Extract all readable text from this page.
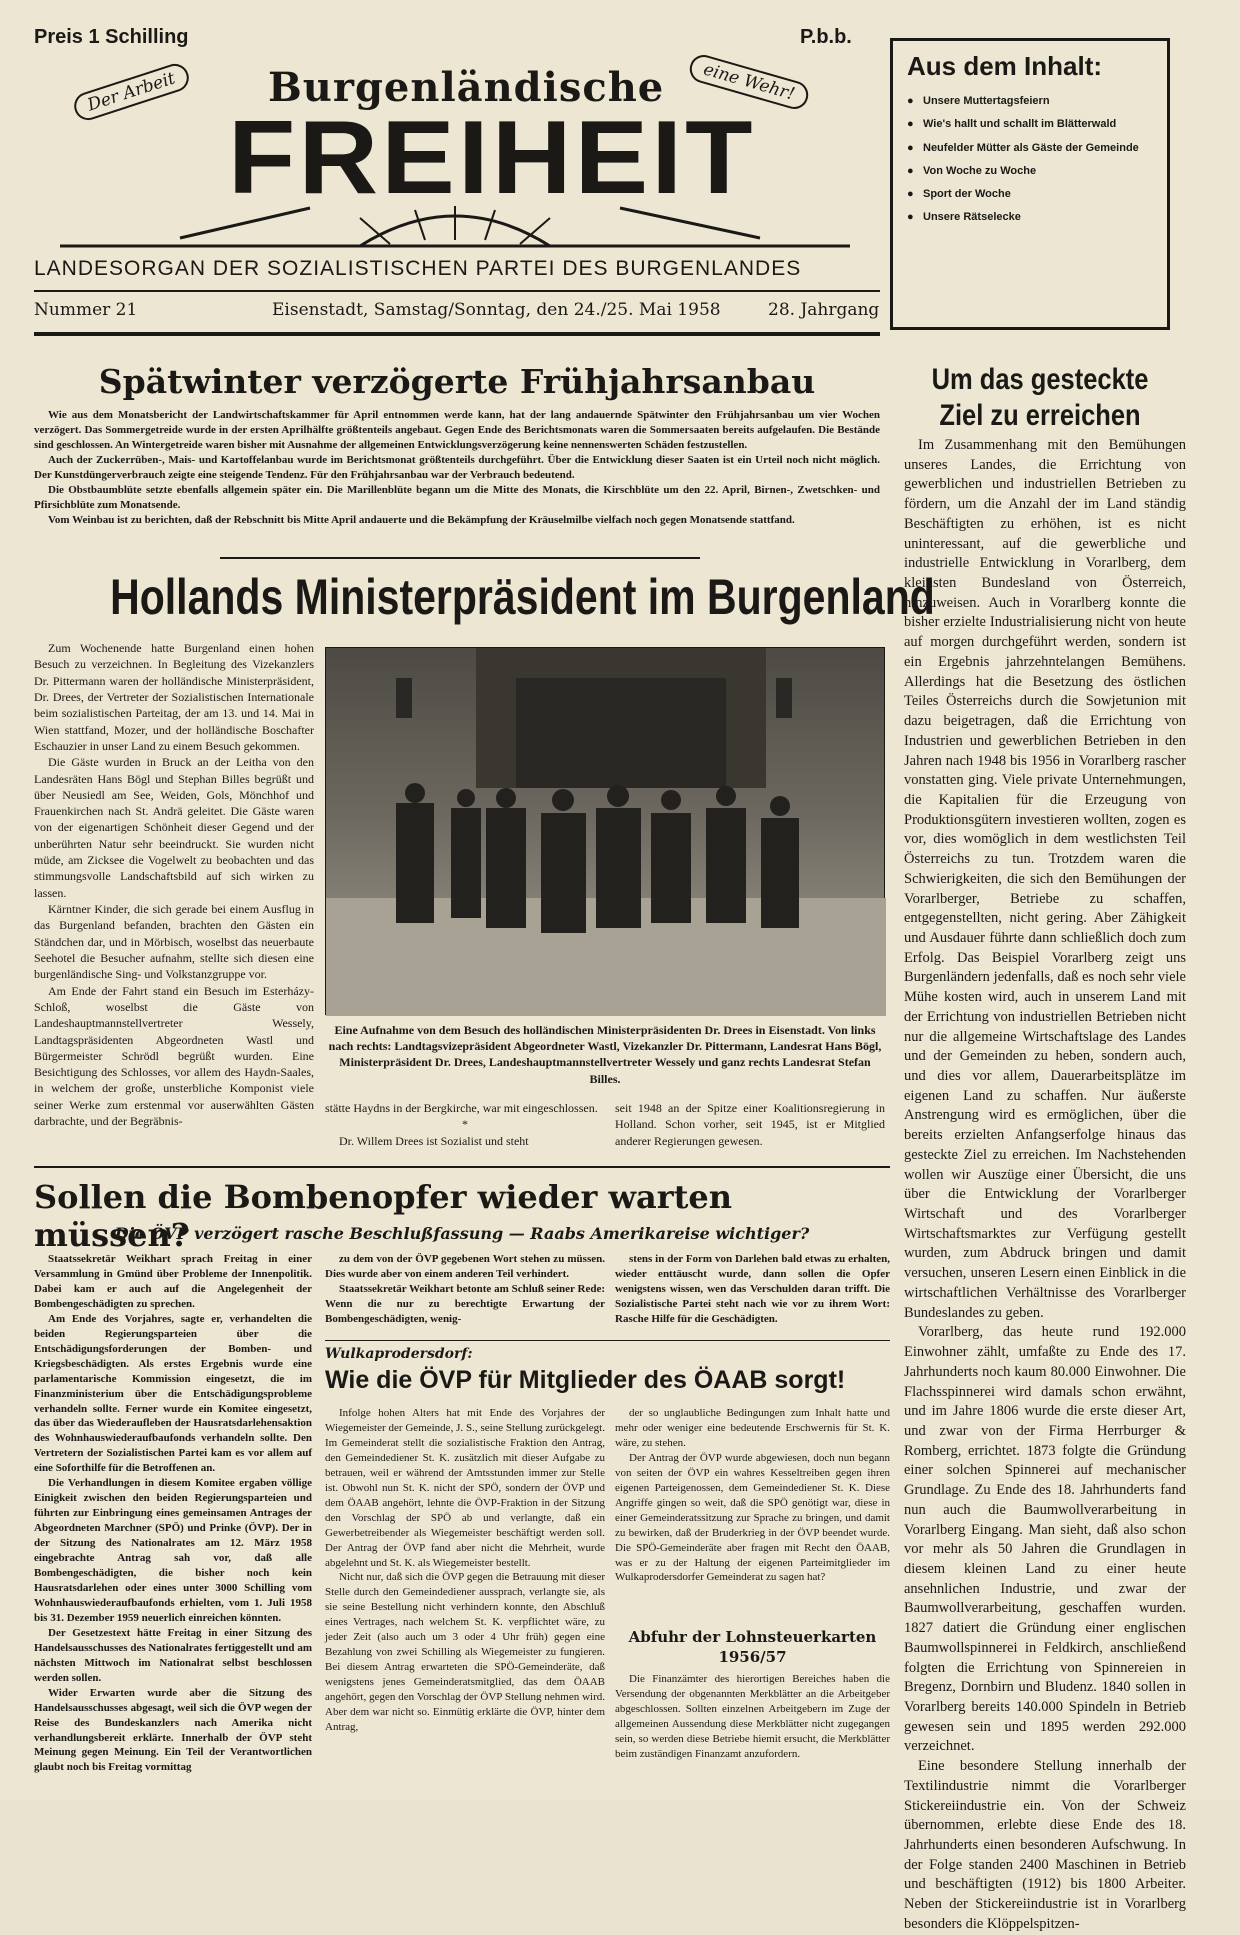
Preis 1 Schilling	P.b.b.
Der Arbeit	eine Wehr!
Burgenländische
FREIHEIT
LANDESORGAN DER SOZIALISTISCHEN PARTEI DES BURGENLANDES
Nummer 21	Eisenstadt, Samstag/Sonntag, den 24./25. Mai 1958	28. Jahrgang
Aus dem Inhalt:
● Unsere Muttertagsfeiern
● Wie's hallt und schallt im Blätterwald
● Neufelder Mütter als Gäste der Gemeinde
● Von Woche zu Woche
● Sport der Woche
● Unsere Rätselecke
Spätwinter verzögerte Frühjahrsanbau

Wie aus dem Monatsbericht der Landwirtschaftskammer für April entnommen werde kann, hat der lang andauernde Spätwinter den Frühjahrsanbau um vier Wochen verzögert. Das Sommergetreide wurde in der ersten Aprilhälfte größtenteils angebaut. Gegen Ende des Berichtsmonats waren die Sommersaaten bereits aufgelaufen. Die Bestände sind geschlossen. An Wintergetreide waren bisher mit Ausnahme der allgemeinen Entwicklungsverzögerung keine nennenswerten Schäden festzustellen.

Auch der Zuckerrüben-, Mais- und Kartoffelanbau wurde im Berichtsmonat größtenteils durchgeführt. Über die Entwicklung dieser Saaten ist ein Urteil noch nicht möglich. Der Kunstdüngerverbrauch zeigte eine steigende Tendenz. Für den Frühjahrsanbau war der Verbrauch bedeutend.

Die Obstbaumblüte setzte ebenfalls allgemein später ein. Die Marillenblüte begann um die Mitte des Monats, die Kirschblüte um den 22. April, Birnen-, Zwetschken- und Pfirsichblüte zum Monatsende.

Vom Weinbau ist zu berichten, daß der Rebschnitt bis Mitte April andauerte und die Bekämpfung der Kräuselmilbe vielfach noch gegen Monatsende stattfand.

Hollands Ministerpräsident im Burgenland

Zum Wochenende hatte Burgenland einen hohen Besuch zu verzeichnen. In Begleitung des Vizekanzlers Dr. Pittermann waren der holländische Ministerpräsident, Dr. Drees, der Vertreter der Sozialistischen Internationale beim sozialistischen Parteitag, der am 13. und 14. Mai in Wien stattfand, Mozer, und der holländische Boschafter Eschauzier in unser Land zu einem Besuch gekommen.

Die Gäste wurden in Bruck an der Leitha von den Landesräten Hans Bögl und Stephan Billes begrüßt und über Neusiedl am See, Weiden, Gols, Mönchhof und Frauenkirchen nach St. Andrä geleitet. Die Gäste waren von der eigenartigen Schönheit dieser Gegend und der unberührten Natur sehr beeindruckt. Sie wurden nicht müde, am Zicksee die Vogelwelt zu beobachten und das stimmungsvolle Landschaftsbild auf sich wirken zu lassen.

Kärntner Kinder, die sich gerade bei einem Ausflug in das Burgenland befanden, brachten den Gästen ein Ständchen dar, und in Mörbisch, woselbst das neuerbaute Seehotel die Besucher aufnahm, stellte sich diesen eine burgenländische Sing- und Volkstanzgruppe vor.

Am Ende der Fahrt stand ein Besuch im Esterházy-Schloß, woselbst die Gäste von Landeshauptmannstellvertreter Wessely, Landtagspräsidenten Abgeordneten Wastl und Bürgermeister Schrödl begrüßt wurden. Eine Besichtigung des Schlosses, vor allem des Haydn-Saales, in welchem der große, unsterbliche Komponist viele seiner Werke zum erstenmal vor auserwählten Gästen darbrachte, und der Begräbnis-

Eine Aufnahme von dem Besuch des holländischen Ministerpräsidenten Dr. Drees in Eisenstadt. Von links nach rechts: Landtagsvizepräsident Abgeordneter Wastl, Vizekanzler Dr. Pittermann, Landesrat Hans Bögl, Ministerpräsident Dr. Drees, Landeshauptmannstellvertreter Wessely und ganz rechts Landesrat Stefan Billes.
stätte Haydns in der Bergkirche, war mit eingeschlossen.
*

Dr. Willem Drees ist Sozialist und steht

seit 1948 an der Spitze einer Koalitionsregierung in Holland. Schon vorher, seit 1945, ist er Mitglied anderer Regierungen gewesen.
Um das gesteckte Ziel zu erreichen

Im Zusammenhang mit den Bemühungen unseres Landes, die Errichtung von gewerblichen und industriellen Betrieben zu fördern, um die Anzahl der im Land ständig Beschäftigten zu erhöhen, ist es nicht uninteressant, auf die gewerbliche und industrielle Entwicklung in Vorarlberg, dem kleinsten Bundesland von Österreich, hinzuweisen. Auch in Vorarlberg konnte die bisher erzielte Industrialisierung nicht von heute auf morgen durchgeführt werden, sondern ist ein Ergebnis jahrzehntelangen Bemühens. Allerdings hat die Besetzung des östlichen Teiles Österreichs durch die Sowjetunion mit dazu beigetragen, daß die Errichtung von Industrien und gewerblichen Betrieben in den Jahren nach 1948 bis 1956 in Vorarlberg rascher vonstatten ging. Viele private Unternehmungen, die Kapitalien für die Erzeugung von Produktionsgütern investieren wollten, zogen es vor, dies womöglich in dem westlichsten Teil Österreichs zu tun. Trotzdem waren die Schwierigkeiten, die sich den Bemühungen der Vorarlberger, Betriebe zu schaffen, entgegenstellten, nicht gering. Aber Zähigkeit und Ausdauer führte dann schließlich doch zum Erfolg. Das Beispiel Vorarlberg zeigt uns Burgenländern jedenfalls, daß es noch sehr viele Mühe kosten wird, auch in unserem Land mit der Errichtung von industriellen Betrieben nicht nur die allgemeine Wirtschaftslage des Landes und der Gemeinden zu heben, sondern auch, und dies vor allem, Dauerarbeitsplätze im eigenen Land zu schaffen. Nur äußerste Anstrengung wird es ermöglichen, über die bereits erzielten Anfangserfolge hinaus das gesteckte Ziel zu erreichen. Im Nachstehenden wollen wir Auszüge einer Übersicht, die uns über die Entwicklung der Vorarlberger Wirtschaft und des Vorarlberger Wirtschaftsmarktes zur Verfügung gestellt wurden, zum Abdruck bringen und damit versuchen, unseren Lesern einen Einblick in die wirtschaftlichen Verhältnisse des Vorarlberger Bundeslandes zu geben.

Vorarlberg, das heute rund 192.000 Einwohner zählt, umfaßte zu Ende des 17. Jahrhunderts noch kaum 80.000 Einwohner. Die Flachsspinnerei wird damals schon erwähnt, und im Jahre 1806 wurde die erste dieser Art, und zwar von der Firma Herrburger & Romberg, errichtet. 1873 folgte die Gründung einer solchen Spinnerei auf mechanischer Grundlage. Zu Ende des 18. Jahrhunderts fand nun auch die Baumwollverarbeitung in Vorarlberg Eingang. Man sieht, daß also schon vor mehr als 50 Jahren die Grundlagen in diesem kleinen Land zu einer heute ansehnlichen Industrie, und zwar der Baumwollverarbeitung, geschaffen wurden. 1827 datiert die Gründung einer englischen Baumwollspinnerei in Feldkirch, anschließend folgten die Errichtung von Spinnereien in Bregenz, Dornbirn und Bludenz. 1840 sollen in Vorarlberg bereits 140.000 Spindeln in Betrieb gewesen sein und 1895 werden 292.000 verzeichnet.

Eine besondere Stellung innerhalb der Textilindustrie nimmt die Vorarlberger Stickereiindustrie ein. Von der Schweiz übernommen, erlebte diese Ende des 18. Jahrhunderts einen besonderen Aufschwung. In der Folge standen 2400 Maschinen in Betrieb und beschäftigten (1912) bis 1800 Arbeiter. Neben der Stickereiindustrie ist in Vorarlberg besonders die Klöppelspitzen-

Sollen die Bombenopfer wieder warten müssen?
Die ÖVP verzögert rasche Beschlußfassung — Raabs Amerikareise wichtiger?

Staatssekretär Weikhart sprach Freitag in einer Versammlung in Gmünd über Probleme der Innenpolitik. Dabei kam er auch auf die Angelegenheit der Bombengeschädigten zu sprechen.

Am Ende des Vorjahres, sagte er, verhandelten die beiden Regierungsparteien über die Entschädigungsforderungen der Bomben- und Kriegsbeschädigten. Als erstes Ergebnis wurde eine parlamentarische Kommission eingesetzt, die im Finanzministerium über die Entschädigungsprobleme verhandeln sollte. Ferner wurde ein Komitee eingesetzt, das über das Wiederaufleben der Hausratsdarlehensaktion des Wohnhauswiederaufbaufonds verhandeln sollte. Den Vertretern der Sozialistischen Partei kam es vor allem auf eine Soforthilfe für die Betroffenen an.

Die Verhandlungen in diesem Komitee ergaben völlige Einigkeit zwischen den beiden Regierungsparteien und führten zur Einbringung eines gemeinsamen Antrages der Abgeordneten Marchner (SPÖ) und Prinke (ÖVP). Der in der Sitzung des Nationalrates am 12. März 1958 eingebrachte Antrag sah vor, daß alle Bombengeschädigten, die bisher noch kein Hausratsdarlehen oder eines unter 3000 Schilling vom Wohnhauswiederaufbaufonds erhielten, vom 1. Juli 1958 bis 31. Dezember 1959 neuerlich einreichen könnten.

Der Gesetzestext hätte Freitag in einer Sitzung des Handelsausschusses des Nationalrates fertiggestellt und am nächsten Mittwoch im Nationalrat selbst beschlossen werden sollen.

Wider Erwarten wurde aber die Sitzung des Handelsausschusses abgesagt, weil sich die ÖVP wegen der Reise des Bundeskanzlers nach Amerika nicht verhandlungsbereit erklärte. Innerhalb der ÖVP steht Meinung gegen Meinung. Ein Teil der Verantwortlichen glaubt noch bis Freitag vormittag

zu dem von der ÖVP gegebenen Wort stehen zu müssen. Dies wurde aber von einem anderen Teil verhindert.

Staatssekretär Weikhart betonte am Schluß seiner Rede: Wenn die nur zu berechtigte Erwartung der Bombengeschädigten, wenig-

stens in der Form von Darlehen bald etwas zu erhalten, wieder enttäuscht wurde, dann sollen die Opfer wenigstens wissen, wen das Verschulden daran trifft. Die Sozialistische Partei steht nach wie vor zu ihrem Wort: Rasche Hilfe für die Geschädigten.

Wulkaprodersdorf:
Wie die ÖVP für Mitglieder des ÖAAB sorgt!

Infolge hohen Alters hat mit Ende des Vorjahres der Wiegemeister der Gemeinde, J. S., seine Stellung zurückgelegt. Im Gemeinderat stellt die sozialistische Fraktion den Antrag, den Gemeindediener St. K. zusätzlich mit dieser Aufgabe zu betrauen, weil er während der Amtsstunden immer zur Stelle ist. Obwohl nun St. K. nicht der SPÖ, sondern der ÖVP und dem ÖAAB angehört, lehnte die ÖVP-Fraktion in der Sitzung den Vorschlag der SPÖ ab und verlangte, daß ein Gewerbetreibender als Wiegemeister beschäftigt werden soll. Der Antrag der ÖVP fand aber nicht die Mehrheit, wurde abgelehnt und St. K. als Wiegemeister bestellt.

Nicht nur, daß sich die ÖVP gegen die Betrauung mit dieser Stelle durch den Gemeindediener aussprach, verlangte sie, als sie seine Bestellung nicht verhindern konnte, den Abschluß eines Vertrages, nach welchem St. K. verpflichtet wäre, zu jeder Zeit (also auch um 3 oder 4 Uhr früh) gegen eine Bezahlung von zwei Schilling als Wiegemeister zu fungieren. Bei diesem Antrag erwarteten die SPÖ-Gemeinderäte, daß wenigstens jenes Gemeinderatsmitglied, das dem ÖAAB angehört, gegen den Vorschlag der ÖVP Stellung nehmen wird. Aber dem war nicht so. Einmütig erklärte die ÖVP, hinter dem Antrag,

der so unglaubliche Bedingungen zum Inhalt hatte und mehr oder weniger eine bedeutende Erschwernis für St. K. wäre, zu stehen.

Der Antrag der ÖVP wurde abgewiesen, doch nun begann von seiten der ÖVP ein wahres Kesseltreiben gegen ihren eigenen Parteigenossen, dem Gemeindediener St. K. Diese Angriffe gingen so weit, daß die SPÖ genötigt war, diese in einer Gemeinderatssitzung zur Sprache zu bringen, und damit zu bewirken, daß der Bruderkrieg in der ÖVP beendet wurde. Die SPÖ-Gemeinderäte aber fragen mit Recht den ÖAAB, was er zu der Haltung der eigenen Parteimitglieder im Wulkaprodersdorfer Gemeinderat zu sagen hat?

Abfuhr der Lohnsteuerkarten
1956/57

Die Finanzämter des hierortigen Bereiches haben die Versendung der obgenannten Merkblätter an die Arbeitgeber abgeschlossen. Sollten einzelnen Arbeitgebern im Zuge der allgemeinen Aussendung diese Merkblätter nicht zugegangen sein, so werden diese Betriebe hiemit ersucht, die Merkblätter beim zuständigen Finanzamt anzufordern.
